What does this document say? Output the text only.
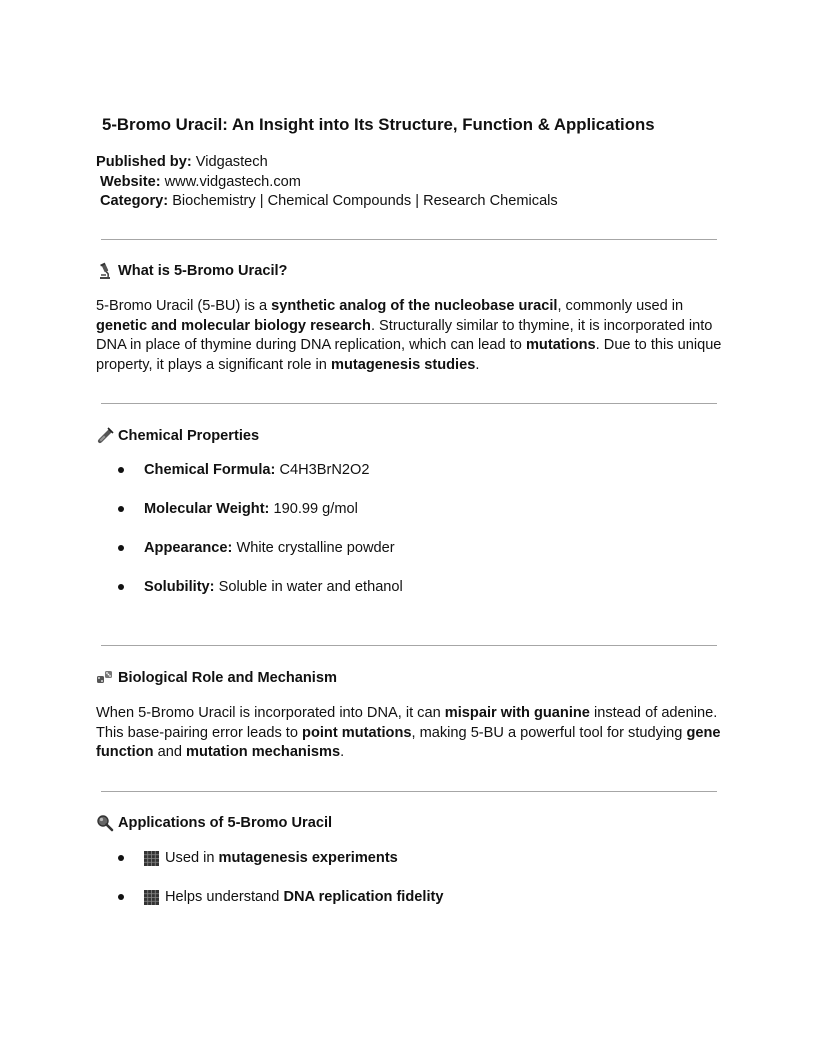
5-Bromo Uracil: An Insight into Its Structure, Function & Applications
Published by: Vidgastech
Website: www.vidgastech.com
Category: Biochemistry | Chemical Compounds | Research Chemicals
What is 5-Bromo Uracil?
5-Bromo Uracil (5-BU) is a synthetic analog of the nucleobase uracil, commonly used in genetic and molecular biology research. Structurally similar to thymine, it is incorporated into DNA in place of thymine during DNA replication, which can lead to mutations. Due to this unique property, it plays a significant role in mutagenesis studies.
Chemical Properties
Chemical Formula:
C4H3BrN2O2
Molecular Weight:
190.99 g/mol
Appearance:
White crystalline powder
Solubility:
Soluble in water and ethanol
Biological Role and Mechanism
When 5-Bromo Uracil is incorporated into DNA, it can mispair with guanine instead of adenine. This base-pairing error leads to point mutations, making 5-BU a powerful tool for studying gene function and mutation mechanisms.
Applications of 5-Bromo Uracil
Used in
mutagenesis experiments
Helps understand
DNA replication fidelity
